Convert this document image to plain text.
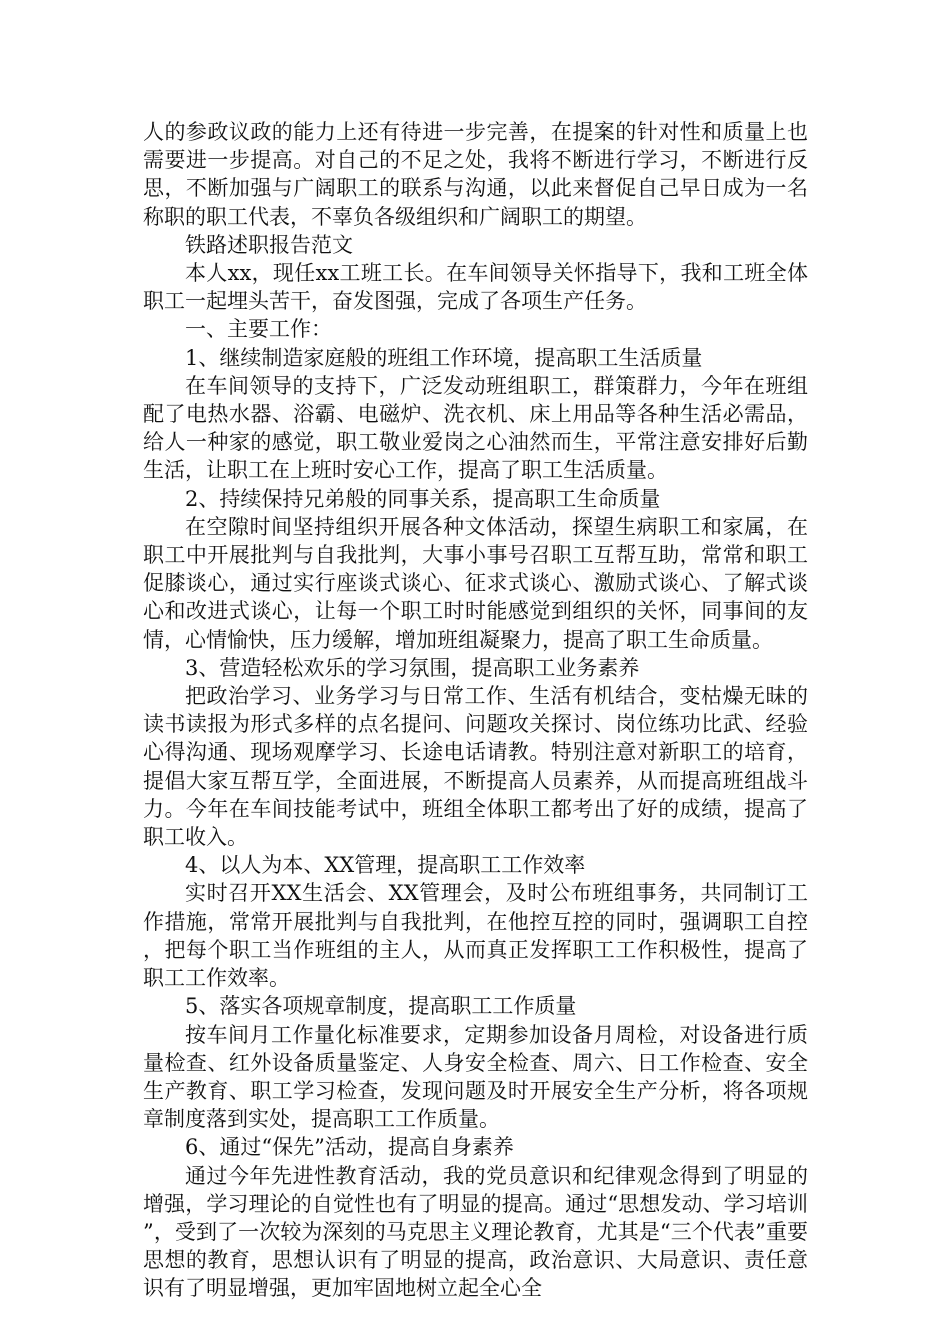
人的参政议政的能力上还有待进一步完善，在提案的针对性和质量上也需要进一步提高。对自己的不足之处，我将不断进行学习，不断进行反思，不断加强与广阔职工的联系与沟通，以此来督促自己早日成为一名称职的职工代表，不辜负各级组织和广阔职工的期望。

铁路述职报告范文

本人xx，现任xx工班工长。在车间领导关怀指导下，我和工班全体职工一起埋头苦干，奋发图强，完成了各项生产任务。

一、主要工作：

1、继续制造家庭般的班组工作环境，提高职工生活质量

在车间领导的支持下，广泛发动班组职工，群策群力，今年在班组配了电热水器、浴霸、电磁炉、洗衣机、床上用品等各种生活必需品，给人一种家的感觉，职工敬业爱岗之心油然而生，平常注意安排好后勤生活，让职工在上班时安心工作，提高了职工生活质量。

2、持续保持兄弟般的同事关系，提高职工生命质量

在空隙时间坚持组织开展各种文体活动，探望生病职工和家属，在职工中开展批判与自我批判，大事小事号召职工互帮互助，常常和职工促膝谈心，通过实行座谈式谈心、征求式谈心、激励式谈心、了解式谈心和改进式谈心，让每一个职工时时能感觉到组织的关怀，同事间的友情，心情愉快，压力缓解，增加班组凝聚力，提高了职工生命质量。

3、营造轻松欢乐的学习氛围，提高职工业务素养

把政治学习、业务学习与日常工作、生活有机结合，变枯燥无昧的读书读报为形式多样的点名提问、问题攻关探讨、岗位练功比武、经验心得沟通、现场观摩学习、长途电话请教。特别注意对新职工的培育，提倡大家互帮互学，全面进展，不断提高人员素养，从而提高班组战斗力。今年在车间技能考试中，班组全体职工都考出了好的成绩，提高了职工收入。

4、以人为本、XX管理，提高职工工作效率

实时召开XX生活会、XX管理会，及时公布班组事务，共同制订工作措施，常常开展批判与自我批判，在他控互控的同时，强调职工自控，把每个职工当作班组的主人，从而真正发挥职工工作积极性，提高了职工工作效率。

5、落实各项规章制度，提高职工工作质量

按车间月工作量化标准要求，定期参加设备月周检，对设备进行质量检查、红外设备质量鉴定、人身安全检查、周六、日工作检查、安全生产教育、职工学习检查，发现问题及时开展安全生产分析，将各项规章制度落到实处，提高职工工作质量。

6、通过“保先”活动，提高自身素养

通过今年先进性教育活动，我的党员意识和纪律观念得到了明显的增强，学习理论的自觉性也有了明显的提高。通过“思想发动、学习培训”，受到了一次较为深刻的马克思主义理论教育，尤其是“三个代表”重要思想的教育，思想认识有了明显的提高，政治意识、大局意识、责任意识有了明显增强，更加牢固地树立起全心全
